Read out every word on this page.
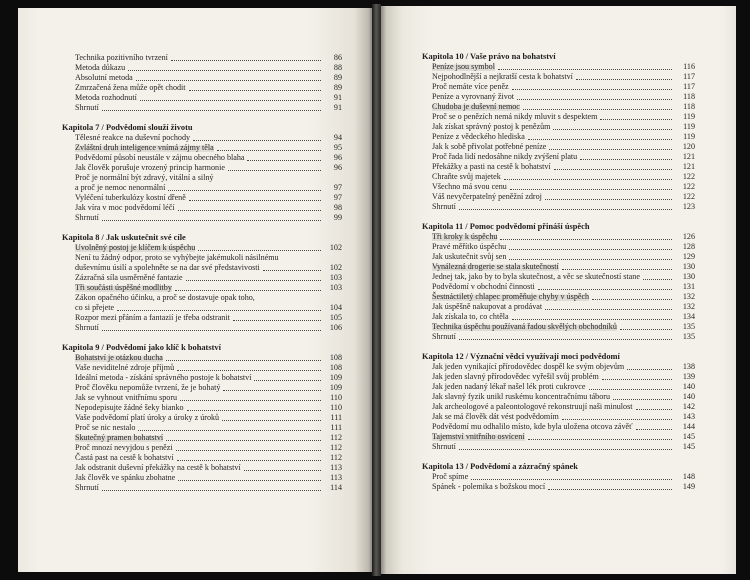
Technika pozitivního tvrzení	86
Metoda důkazu	88
Absolutní metoda	89
Zmrzačená žena může opět chodit	89
Metoda rozhodnutí	91
Shrnutí	91
Kapitola 7 / Podvědomí slouží životu
Tělesné reakce na duševní pochody	94
Zvláštní druh inteligence vnímá zájmy těla	95
Podvědomí působí neustále v zájmu obecného blaha	96
Jak člověk porušuje vrozený princip harmonie	96
Proč je normální být zdravý, vitální a silný
a proč je nemoc nenormální	97
Vyléčení tuberkulózy kostní dřeně	97
Jak víra v moc podvědomí léčí	98
Shrnutí	99
Kapitola 8 / Jak uskutečnit své cíle
Uvolněný postoj je klíčem k úspěchu	102
Není tu žádný odpor, proto se vyhýbejte jakémukoli násilnému
duševnímu úsilí a spolehněte se na dar své představivosti	102
Zázračná síla usměrněné fantazie	103
Tři součásti úspěšné modlitby	103
Zákon opačného účinku, a proč se dostavuje opak toho,
co si přejete	104
Rozpor mezi přáním a fantazií je třeba odstranit	105
Shrnutí	106
Kapitola 9 / Podvědomí jako klíč k bohatství
Bohatství je otázkou ducha	108
Vaše neviditelné zdroje příjmů	108
Ideální metoda - získání správného postoje k bohatství	109
Proč člověku nepomůže tvrzení, že je bohatý	109
Jak se vyhnout vnitřnímu sporu	110
Nepodepisujte žádné šeky bianko	110
Vaše podvědomí platí úroky a úroky z úroků	111
Proč se nic nestalo	111
Skutečný pramen bohatství	112
Proč mnozí nevyjdou s penězi	112
Častá past na cestě k bohatství	112
Jak odstranit duševní překážky na cestě k bohatství	113
Jak člověk ve spánku zbohatne	113
Shrnutí	114
Kapitola 10 / Vaše právo na bohatství
Peníze jsou symbol	116
Nejpohodlnější a nejkratší cesta k bohatství	117
Proč nemáte více peněz	117
Peníze a vyrovnaný život	118
Chudoba je duševní nemoc	118
Proč se o penězích nemá nikdy mluvit s despektem	119
Jak získat správný postoj k penězům	119
Peníze z vědeckého hlediska	119
Jak k sobě přivolat potřebné peníze	120
Proč řada lidí nedosáhne nikdy zvýšení platu	121
Překážky a pasti na cestě k bohatství	121
Chraňte svůj majetek	122
Všechno má svou cenu	122
Váš nevyčerpatelný peněžní zdroj	122
Shrnutí	123
Kapitola 11 / Pomoc podvědomí přináší úspěch
Tři kroky k úspěchu	126
Pravé měřítko úspěchu	128
Jak uskutečnit svůj sen	129
Vynálezná drogerie se stala skutečností	130
Jednej tak, jako by to byla skutečnost, a věc se skutečností stane	130
Podvědomí v obchodní činnosti	131
Šestnáctiletý chlapec proměňuje chyby v úspěch	132
Jak úspěšně nakupovat a prodávat	132
Jak získala to, co chtěla	134
Technika úspěchu používaná řadou skvělých obchodníků	135
Shrnutí	135
Kapitola 12 / Význační vědci využívají moci podvědomí
Jak jeden vynikající přírodovědec dospěl ke svým objevům	138
Jak jeden slavný přírodovědec vyřešil svůj problém	139
Jak jeden nadaný lékař našel lék proti cukrovce	140
Jak slavný fyzik unikl ruskému koncentračnímu táboru	140
Jak archeologové a paleontologové rekonstruují naši minulost	142
Jak se má člověk dát vést podvědomím	143
Podvědomí mu odhalilo místo, kde byla uložena otcova závěť	144
Tajemství vnitřního osvícení	145
Shrnutí	145
Kapitola 13 / Podvědomí a zázračný spánek
Proč spíme	148
Spánek - polemika s božskou mocí	149
